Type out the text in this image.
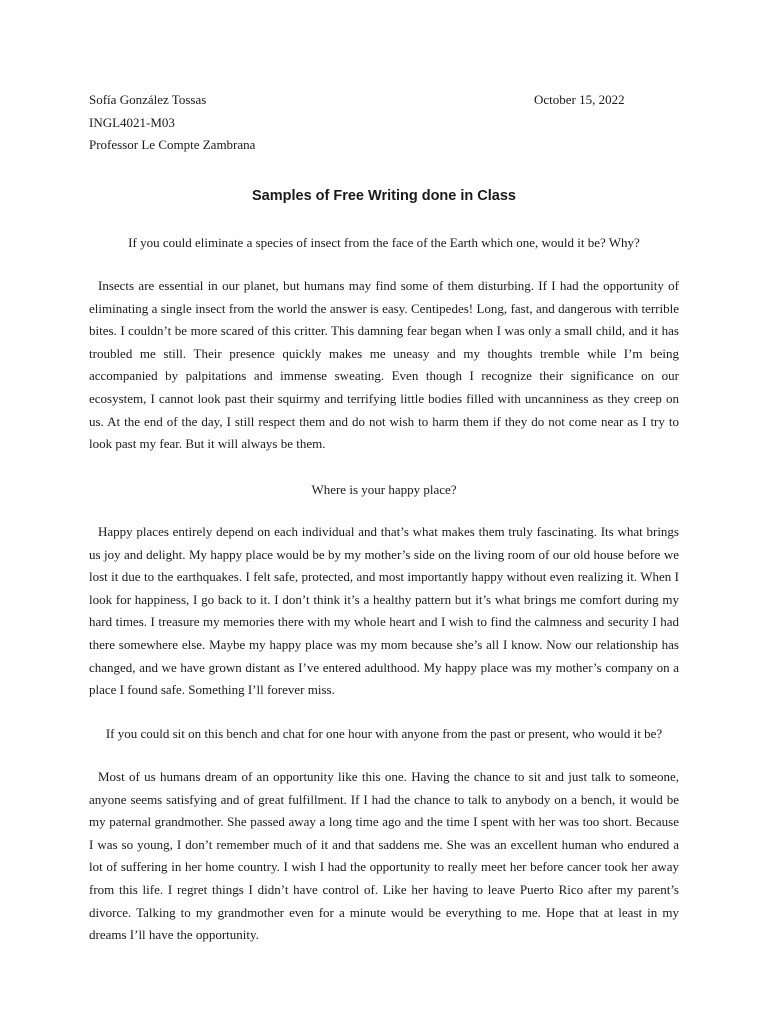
Sofía González Tossas	October 15, 2022
INGL4021-M03
Professor Le Compte Zambrana
Samples of Free Writing done in Class
If you could eliminate a species of insect from the face of the Earth which one, would it be? Why?
Insects are essential in our planet, but humans may find some of them disturbing. If I had the opportunity of eliminating a single insect from the world the answer is easy. Centipedes! Long, fast, and dangerous with terrible bites. I couldn’t be more scared of this critter. This damning fear began when I was only a small child, and it has troubled me still. Their presence quickly makes me uneasy and my thoughts tremble while I’m being accompanied by palpitations and immense sweating. Even though I recognize their significance on our ecosystem, I cannot look past their squirmy and terrifying little bodies filled with uncanniness as they creep on us. At the end of the day, I still respect them and do not wish to harm them if they do not come near as I try to look past my fear. But it will always be them.
Where is your happy place?
Happy places entirely depend on each individual and that’s what makes them truly fascinating. Its what brings us joy and delight. My happy place would be by my mother’s side on the living room of our old house before we lost it due to the earthquakes. I felt safe, protected, and most importantly happy without even realizing it. When I look for happiness, I go back to it. I don’t think it’s a healthy pattern but it’s what brings me comfort during my hard times. I treasure my memories there with my whole heart and I wish to find the calmness and security I had there somewhere else. Maybe my happy place was my mom because she’s all I know. Now our relationship has changed, and we have grown distant as I’ve entered adulthood. My happy place was my mother’s company on a place I found safe. Something I’ll forever miss.
If you could sit on this bench and chat for one hour with anyone from the past or present, who would it be?
Most of us humans dream of an opportunity like this one. Having the chance to sit and just talk to someone, anyone seems satisfying and of great fulfillment. If I had the chance to talk to anybody on a bench, it would be my paternal grandmother. She passed away a long time ago and the time I spent with her was too short. Because I was so young, I don’t remember much of it and that saddens me. She was an excellent human who endured a lot of suffering in her home country. I wish I had the opportunity to really meet her before cancer took her away from this life. I regret things I didn’t have control of. Like her having to leave Puerto Rico after my parent’s divorce. Talking to my grandmother even for a minute would be everything to me. Hope that at least in my dreams I’ll have the opportunity.
